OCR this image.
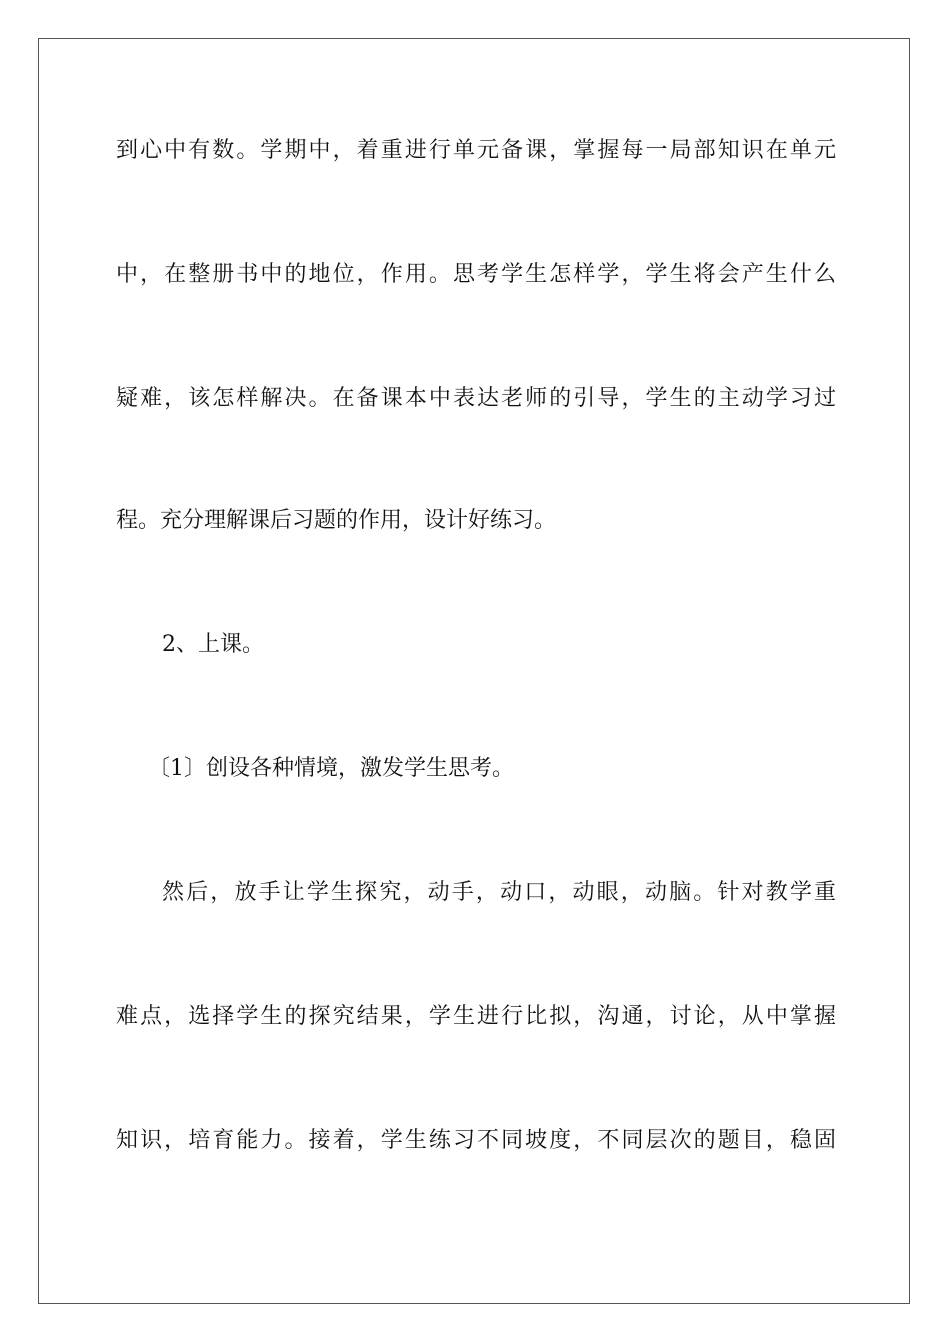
到心中有数。学期中，着重进行单元备课，掌握每一局部知识在单元
中，在整册书中的地位，作用。思考学生怎样学，学生将会产生什么
疑难，该怎样解决。在备课本中表达老师的引导，学生的主动学习过
程。充分理解课后习题的作用，设计好练习。
2、上课。
〔1〕创设各种情境，激发学生思考。
然后，放手让学生探究，动手，动口，动眼，动脑。针对教学重
难点，选择学生的探究结果，学生进行比拟，沟通，讨论，从中掌握
知识，培育能力。接着，学生练习不同坡度，不同层次的题目，稳固
